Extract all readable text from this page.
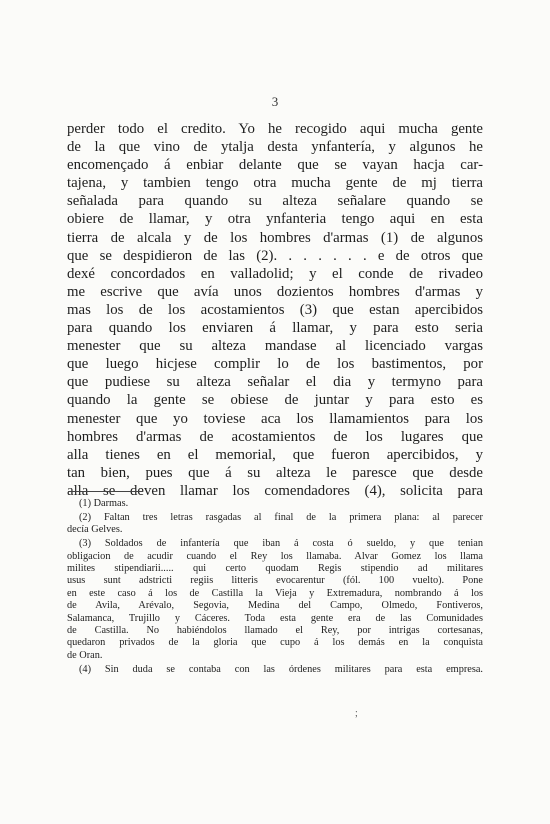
3
perder todo el credito. Yo he recogido aqui mucha gente
de la que vino de ytalja desta ynfantería, y algunos he
encomençado á enbiar delante que se vayan hacja car-
tajena, y tambien tengo otra mucha gente de mj tierra
señalada para quando su alteza señalare quando se
obiere de llamar, y otra ynfanteria tengo aqui en esta
tierra de alcala y de los hombres d'armas (1) de algunos
que se despidieron de las (2). . . . . . . e de otros que
dexé concordados en valladolid; y el conde de rivadeo
me escrive que avía unos dozientos hombres d'armas y
mas los de los acostamientos (3) que estan apercibidos
para quando los enviaren á llamar, y para esto seria
menester que su alteza mandase al licenciado vargas
que luego hicjese complir lo de los bastimentos, por
que pudiese su alteza señalar el dia y termyno para
quando la gente se obiese de juntar y para esto es
menester que yo toviese aca los llamamientos para los
hombres d'armas de acostamientos de los lugares que
alla tienes en el memorial, que fueron apercibidos, y
tan bien, pues que á su alteza le paresce que desde
alla se deven llamar los comendadores (4), solicita para

(1) Darmas.

(2) Faltan tres letras rasgadas al final de la primera plana: al parecer
decía Gelves.

(3) Soldados de infantería que iban á costa ó sueldo, y que tenian
obligacion de acudir cuando el Rey los llamaba. Alvar Gomez los llama
milites stipendiarii..... qui certo quodam Regis stipendio ad militares
usus sunt adstricti regiis litteris evocarentur (fól. 100 vuelto). Pone
en este caso á los de Castilla la Vieja y Extremadura, nombrando á los
de Avila, Arévalo, Segovia, Medina del Campo, Olmedo, Fontiveros,
Salamanca, Trujillo y Cáceres. Toda esta gente era de las Comunidades
de Castilla. No habiéndolos llamado el Rey, por intrigas cortesanas,
quedaron privados de la gloria que cupo á los demás en la conquista
de Oran.

(4) Sin duda se contaba con las órdenes militares para esta empresa.

;
